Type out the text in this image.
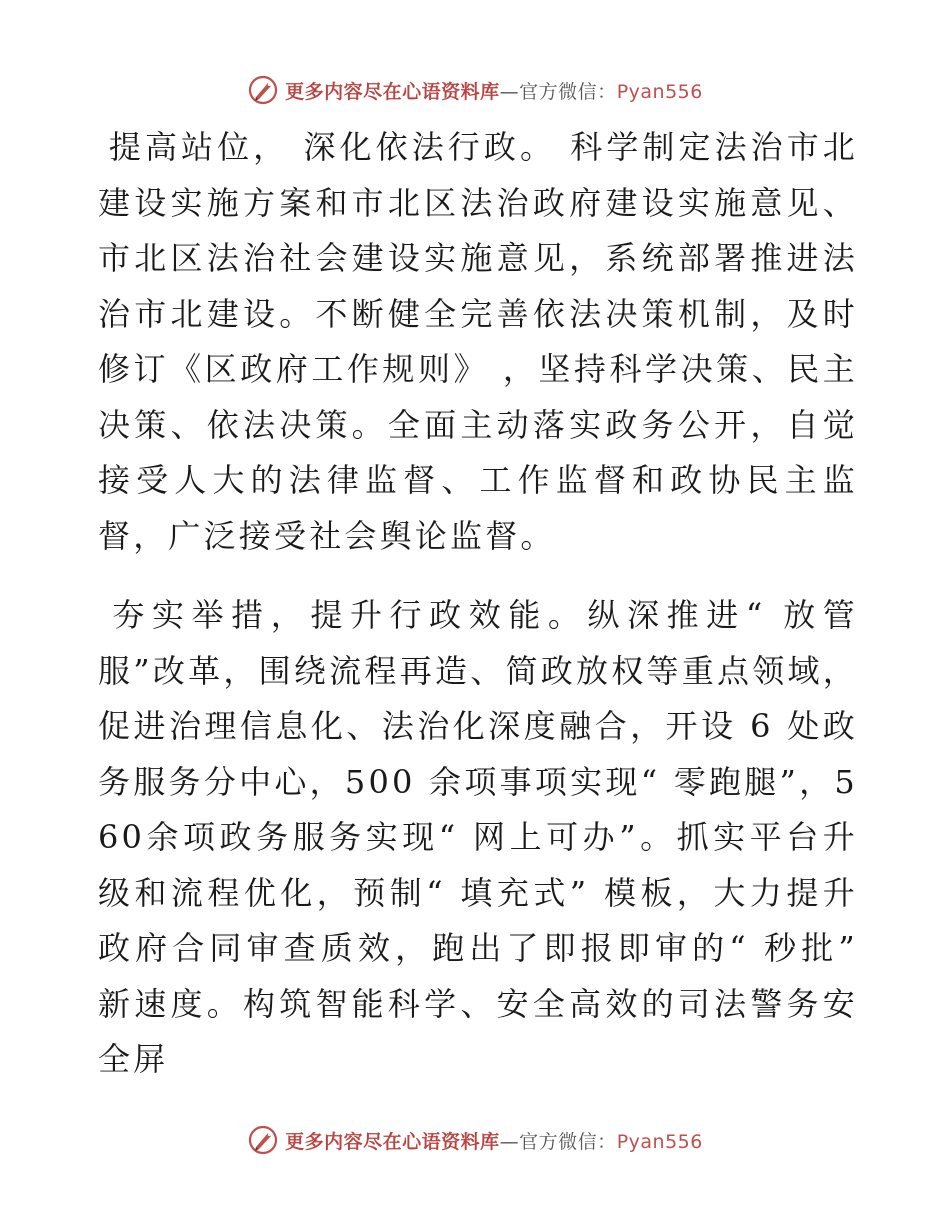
更多内容尽在心语资料库—官方微信：Pyan556

提高站位， 深化依法行政。 科学制定法治市北建设实施方案和市北区法治政府建设实施意见、市北区法治社会建设实施意见，系统部署推进法治市北建设。不断健全完善依法决策机制，及时修订《区政府工作规则》 ，坚持科学决策、民主决策、依法决策。全面主动落实政务公开，自觉接受人大的法律监督、工作监督和政协民主监督，广泛接受社会舆论监督。

夯实举措，提升行政效能。纵深推进“ 放管服”改革，围绕流程再造、简政放权等重点领域，促进治理信息化、法治化深度融合，开设 6 处政务服务分中心，500 余项事项实现“ 零跑腿”，560余项政务服务实现“ 网上可办”。抓实平台升级和流程优化，预制“ 填充式” 模板，大力提升政府合同审查质效，跑出了即报即审的“ 秒批” 新速度。构筑智能科学、安全高效的司法警务安全屏

更多内容尽在心语资料库—官方微信：Pyan556
